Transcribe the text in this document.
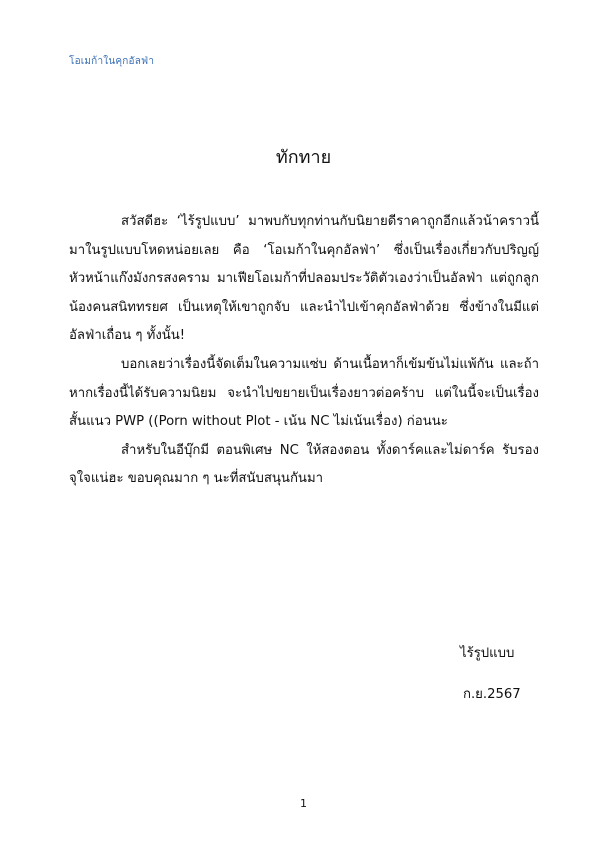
โอเมก้าในคุกอัลฟ่า
ทักทาย

สวัสดีฮะ ‘ไร้รูปแบบ’ มาพบกับทุกท่านกับนิยายดีราคาถูกอีกแล้วน้าคราวนี้มาในรูปแบบโหดหน่อยเลย คือ ‘โอเมก้าในคุกอัลฟ่า’ ซึ่งเป็นเรื่องเกี่ยวกับปริญญ์ หัวหน้าแก๊งมังกรสงคราม มาเฟียโอเมก้าที่ปลอมประวัติตัวเองว่าเป็นอัลฟ่า แต่ถูกลูกน้องคนสนิททรยศ เป็นเหตุให้เขาถูกจับ และนำไปเข้าคุกอัลฟ่าด้วย ซึ่งข้างในมีแต่อัลฟ่าเถื่อน ๆ ทั้งนั้น!

บอกเลยว่าเรื่องนี้จัดเต็มในความแซ่บ ด้านเนื้อหาก็เข้มข้นไม่แพ้กัน และถ้าหากเรื่องนี้ได้รับความนิยม จะนำไปขยายเป็นเรื่องยาวต่อคร้าบ แต่ในนี้จะเป็นเรื่องสั้นแนว PWP ((Porn without Plot - เน้น NC ไม่เน้นเรื่อง) ก่อนนะ

สำหรับในอีบุ๊กมี ตอนพิเศษ NC ให้สองตอน ทั้งดาร์คและไม่ดาร์ค รับรองจุใจแน่ฮะ ขอบคุณมาก ๆ นะที่สนับสนุนกันมา

ไร้รูปแบบ
ก.ย.2567
1
